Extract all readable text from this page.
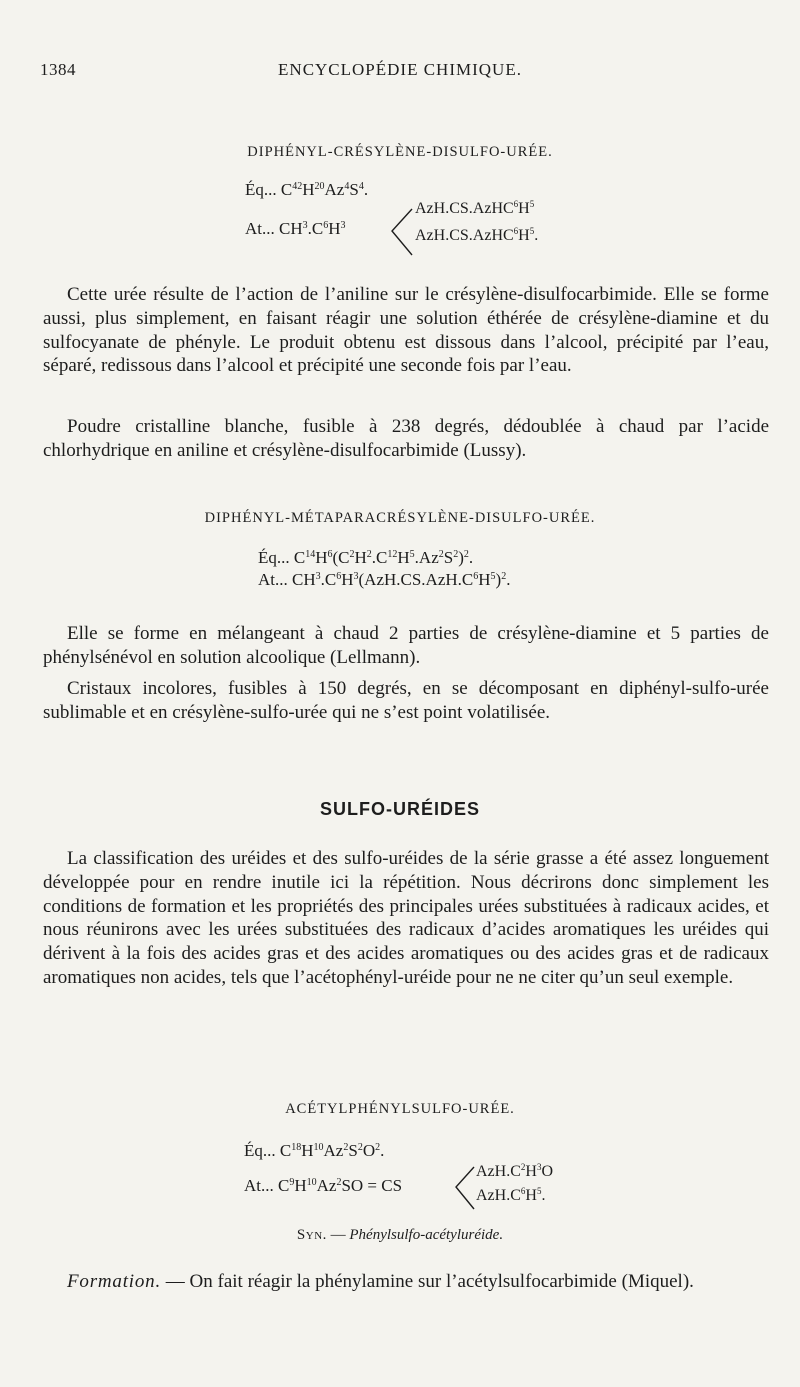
1384	ENCYCLOPÉDIE CHIMIQUE.
DIPHÉNYL-CRÉSYLÈNE-DISULFO-URÉE.
Éq... $C^{42}H^{20}Az^4S^4$.
At... $CH^3.C^6H^3$
$AzH.CS.AzHC^6H^5$
$AzH.CS.AzHC^6H^5$.
Cette urée résulte de l’action de l’aniline sur le crésylène-disulfocarbimide. Elle se forme aussi, plus simplement, en faisant réagir une solution éthérée de crésylène-diamine et du sulfocyanate de phényle. Le produit obtenu est dissous dans l’alcool, précipité par l’eau, séparé, redissous dans l’alcool et précipité une seconde fois par l’eau.
Poudre cristalline blanche, fusible à 238 degrés, dédoublée à chaud par l’acide chlorhydrique en aniline et crésylène-disulfocarbimide (Lussy).
DIPHÉNYL-MÉTAPARACRÉSYLÈNE-DISULFO-URÉE.
Éq... $C^{14}H^6(C^2H^2.C^{12}H^5.Az^2S^2)^2$.
At... $CH^3.C^6H^3(AzH.CS.AzH.C^6H^5)^2$.
Elle se forme en mélangeant à chaud 2 parties de crésylène-diamine et 5 parties de phénylsénévol en solution alcoolique (Lellmann).
Cristaux incolores, fusibles à 150 degrés, en se décomposant en diphényl-sulfo-urée sublimable et en crésylène-sulfo-urée qui ne s’est point volatilisée.
SULFO-URÉIDES
La classification des uréides et des sulfo-uréides de la série grasse a été assez longuement développée pour en rendre inutile ici la répétition. Nous décrirons donc simplement les conditions de formation et les propriétés des principales urées substituées à radicaux acides, et nous réunirons avec les urées substituées des radicaux d’acides aromatiques les uréides qui dérivent à la fois des acides gras et des acides aromatiques ou des acides gras et de radicaux aromatiques non acides, tels que l’acétophényl-uréide pour ne ne citer qu’un seul exemple.
ACÉTYLPHÉNYLSULFO-URÉE.
Éq... $C^{18}H^{10}Az^2S^2O^2$.
At... $C^9H^{10}Az^2SO$ = CS
$AzH.C^2H^3O$
$AzH.C^6H^5$.
Syn. — Phénylsulfo-acétyluréide.
Formation. — On fait réagir la phénylamine sur l’acétylsulfocarbimide (Miquel).
